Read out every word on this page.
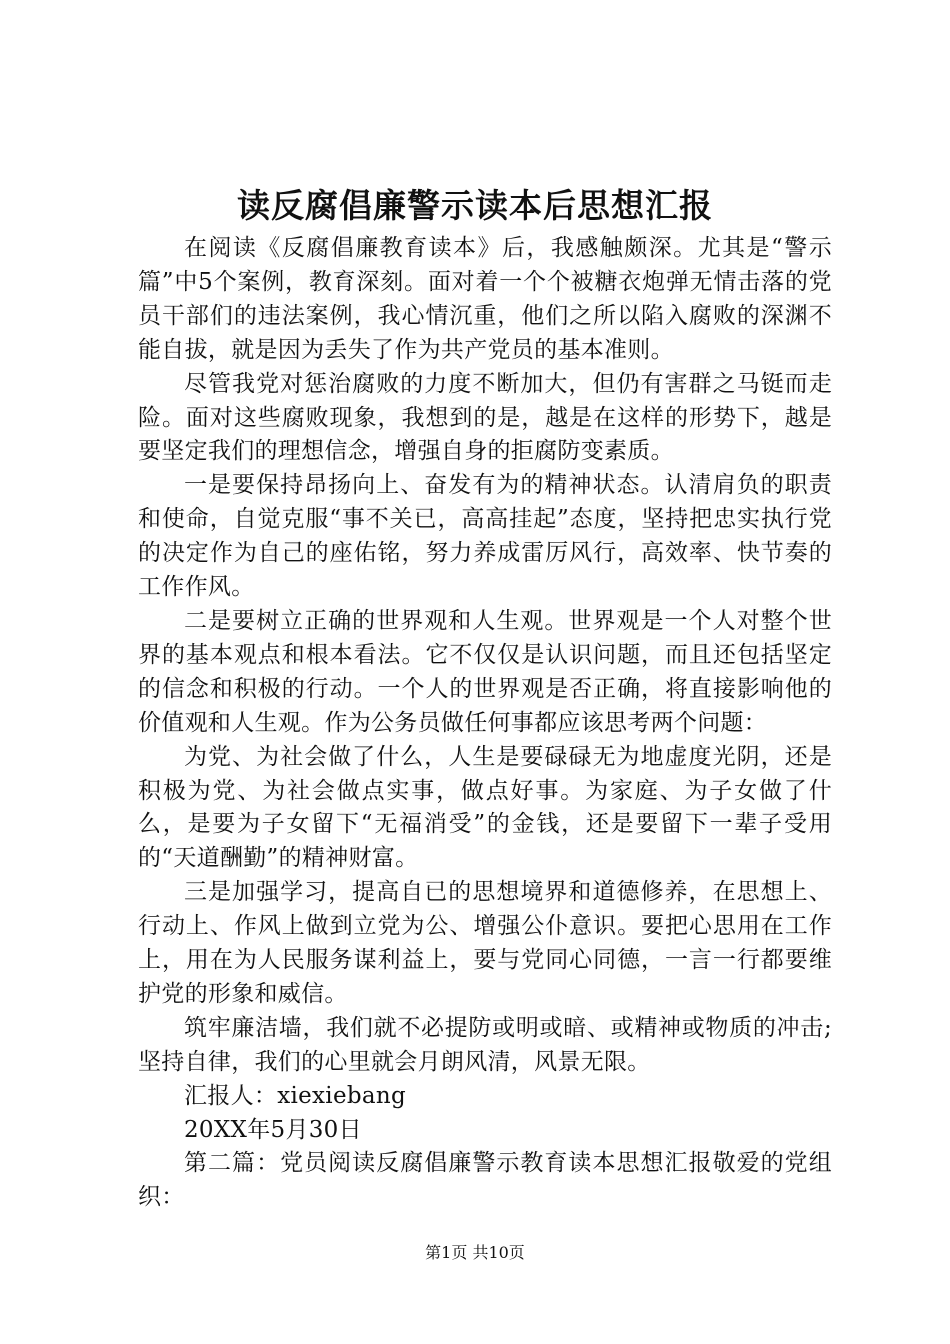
读反腐倡廉警示读本后思想汇报

在阅读《反腐倡廉教育读本》后，我感触颇深。尤其是“警示篇”中5个案例，教育深刻。面对着一个个被糖衣炮弹无情击落的党员干部们的违法案例，我心情沉重，他们之所以陷入腐败的深渊不能自拔，就是因为丢失了作为共产党员的基本准则。

尽管我党对惩治腐败的力度不断加大，但仍有害群之马铤而走险。面对这些腐败现象，我想到的是，越是在这样的形势下，越是要坚定我们的理想信念，增强自身的拒腐防变素质。

一是要保持昂扬向上、奋发有为的精神状态。认清肩负的职责和使命，自觉克服“事不关已，高高挂起”态度，坚持把忠实执行党的决定作为自己的座佑铭，努力养成雷厉风行，高效率、快节奏的工作作风。

二是要树立正确的世界观和人生观。世界观是一个人对整个世界的基本观点和根本看法。它不仅仅是认识问题，而且还包括坚定的信念和积极的行动。一个人的世界观是否正确，将直接影响他的价值观和人生观。作为公务员做任何事都应该思考两个问题：

为党、为社会做了什么，人生是要碌碌无为地虚度光阴，还是积极为党、为社会做点实事，做点好事。为家庭、为子女做了什么，是要为子女留下“无福消受”的金钱，还是要留下一辈子受用的“天道酬勤”的精神财富。

三是加强学习，提高自已的思想境界和道德修养，在思想上、行动上、作风上做到立党为公、增强公仆意识。要把心思用在工作上，用在为人民服务谋利益上，要与党同心同德，一言一行都要维护党的形象和威信。

筑牢廉洁墙，我们就不必提防或明或暗、或精神或物质的冲击;坚持自律，我们的心里就会月朗风清，风景无限。

汇报人：xiexiebang

20XX年5月30日

第二篇：党员阅读反腐倡廉警示教育读本思想汇报敬爱的党组织：

第1页 共10页
